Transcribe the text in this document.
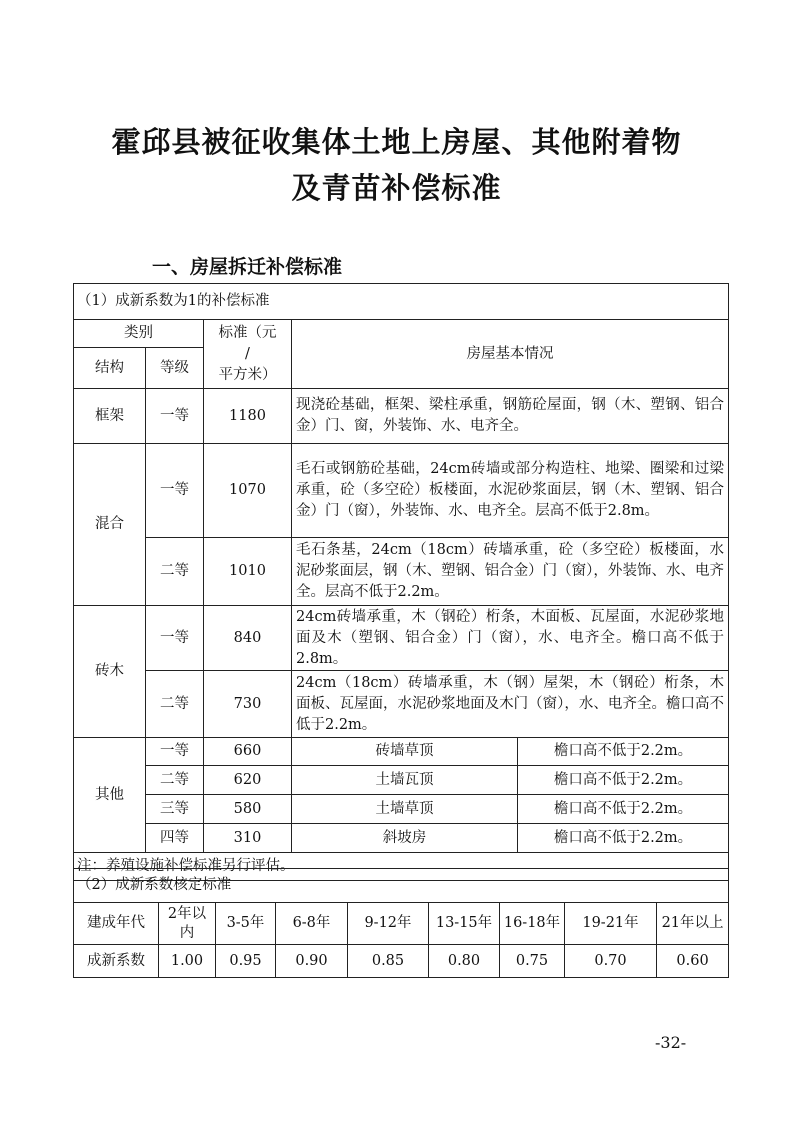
霍邱县被征收集体土地上房屋、其他附着物
及青苗补偿标准
一、房屋拆迁补偿标准
（1）成新系数为1的补偿标准				
类别		标准（元
/
平方米）	房屋基本情况	
结构	等级			
框架	一等	1180	现浇砼基础，框架、梁柱承重，钢筋砼屋面，钢（木、塑钢、铝合金）门、窗，外装饰、水、电齐全。	
混合	一等	1070	毛石或钢筋砼基础，24cm砖墙或部分构造柱、地梁、圈梁和过梁承重，砼（多空砼）板楼面，水泥砂浆面层，钢（木、塑钢、铝合金）门（窗），外装饰、水、电齐全。层高不低于2.8m。	
	二等	1010	毛石条基，24cm（18cm）砖墙承重，砼（多空砼）板楼面，水泥砂浆面层，钢（木、塑钢、铝合金）门（窗），外装饰、水、电齐全。层高不低于2.2m。	
砖木	一等	840	24cm砖墙承重，木（钢砼）桁条，木面板、瓦屋面，水泥砂浆地面及木（塑钢、铝合金）门（窗），水、电齐全。檐口高不低于2.8m。	
	二等	730	24cm（18cm）砖墙承重，木（钢）屋架，木（钢砼）桁条，木面板、瓦屋面，水泥砂浆地面及木门（窗），水、电齐全。檐口高不低于2.2m。	
其他	一等	660	砖墙草顶	檐口高不低于2.2m。
	二等	620	土墙瓦顶	檐口高不低于2.2m。
	三等	580	土墙草顶	檐口高不低于2.2m。
	四等	310	斜坡房	檐口高不低于2.2m。
注：养殖设施补偿标准另行评估。				
（2）成新系数核定标准								
建成年代	2年以内	3-5年	6-8年	9-12年	13-15年	16-18年	19-21年	21年以上
成新系数	1.00	0.95	0.90	0.85	0.80	0.75	0.70	0.60
-32-
